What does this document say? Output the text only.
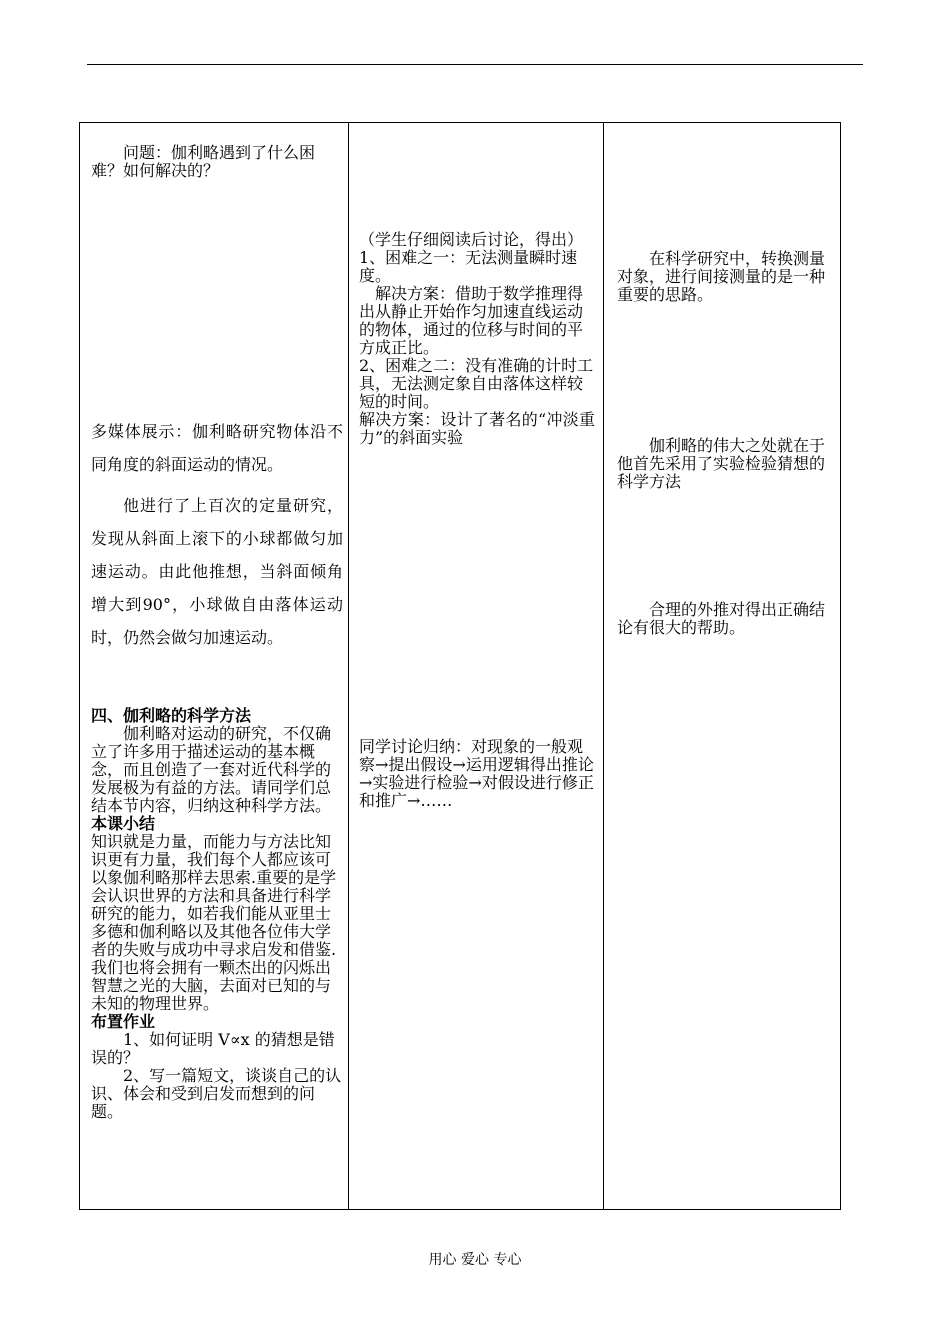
问题：伽利略遇到了什么困难？如何解决的？

多媒体展示：伽利略研究物体沿不同角度的斜面运动的情况。

他进行了上百次的定量研究，发现从斜面上滚下的小球都做匀加速运动。由此他推想，当斜面倾角增大到90°，小球做自由落体运动时，仍然会做匀加速运动。

四、伽利略的科学方法

伽利略对运动的研究，不仅确立了许多用于描述运动的基本概念，而且创造了一套对近代科学的发展极为有益的方法。请同学们总结本节内容，归纳这种科学方法。

本课小结

知识就是力量，而能力与方法比知识更有力量，我们每个人都应该可以象伽利略那样去思索.重要的是学会认识世界的方法和具备进行科学研究的能力，如若我们能从亚里士多德和伽利略以及其他各位伟大学者的失败与成功中寻求启发和借鉴.我们也将会拥有一颗杰出的闪烁出智慧之光的大脑，去面对已知的与未知的物理世界。

布置作业

1、如何证明 V∝x 的猜想是错误的？

2、写一篇短文，谈谈自己的认识、体会和受到启发而想到的问题。

（学生仔细阅读后讨论，得出）

1、困难之一：无法测量瞬时速度。

解决方案：借助于数学推理得出从静止开始作匀加速直线运动的物体，通过的位移与时间的平方成正比。

2、困难之二：没有准确的计时工具，无法测定象自由落体这样较短的时间。

解决方案：设计了著名的“冲淡重力”的斜面实验

同学讨论归纳：对现象的一般观察→提出假设→运用逻辑得出推论→实验进行检验→对假设进行修正和推广→……

在科学研究中，转换测量对象，进行间接测量的是一种重要的思路。

伽利略的伟大之处就在于他首先采用了实验检验猜想的科学方法

合理的外推对得出正确结论有很大的帮助。

用心 爱心 专心
